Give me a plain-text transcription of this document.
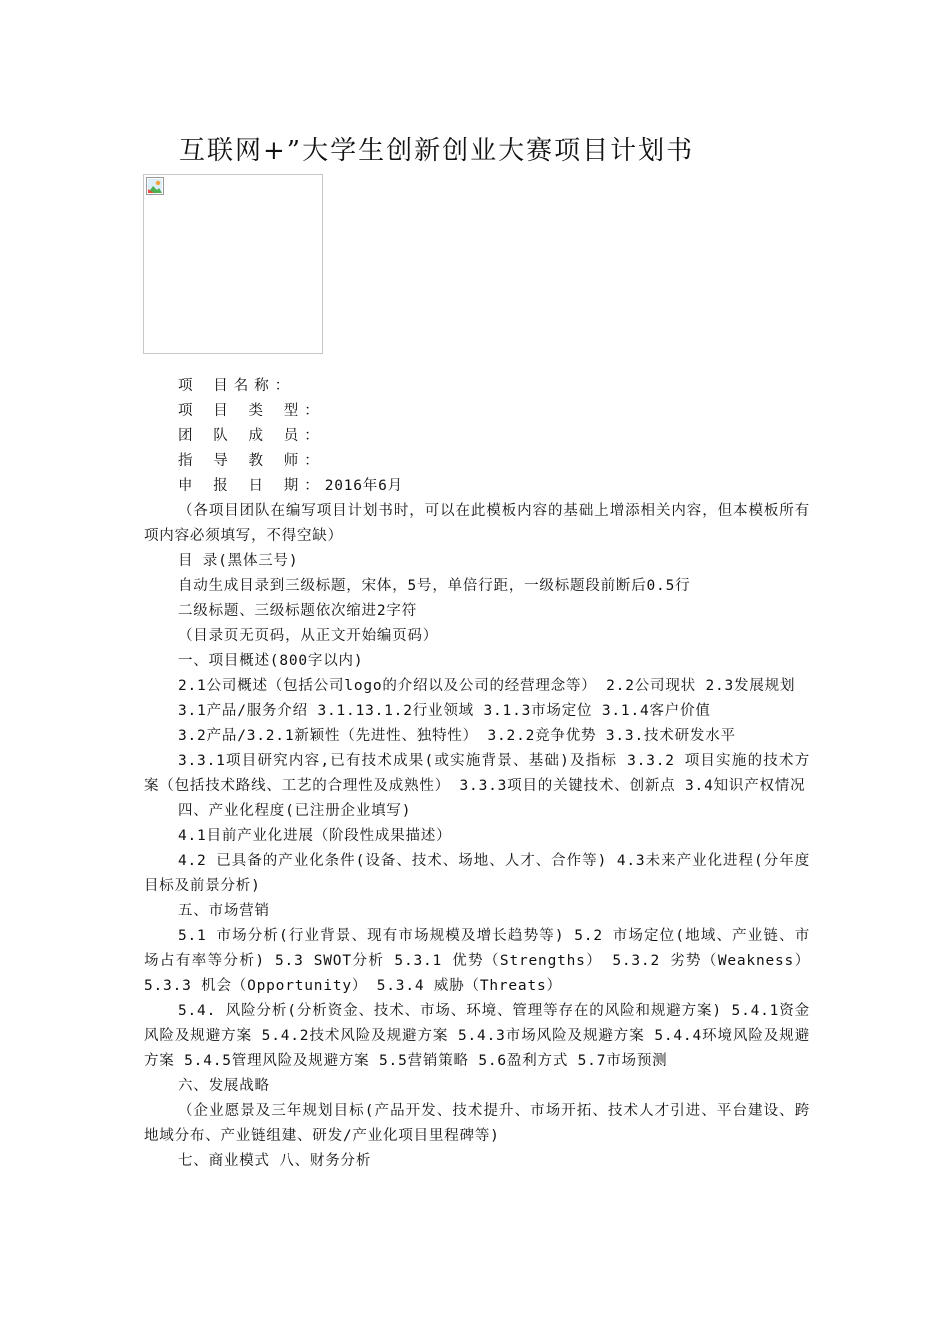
互联网+”大学生创新创业大赛项目计划书

项 目名称：

项 目 类 型：

团 队 成 员：

指 导 教 师：

申 报 日 期：2016年6月

（各项目团队在编写项目计划书时，可以在此模板内容的基础上增添相关内容，但本模板所有项内容必须填写，不得空缺）

目 录(黑体三号)

自动生成目录到三级标题，宋体，5号，单倍行距，一级标题段前断后0.5行

二级标题、三级标题依次缩进2字符

（目录页无页码，从正文开始编页码）

一、项目概述(800字以内)

2.1公司概述（包括公司logo的介绍以及公司的经营理念等） 2.2公司现状 2.3发展规划

3.1产品/服务介绍 3.1.13.1.2行业领域 3.1.3市场定位 3.1.4客户价值

3.2产品/3.2.1新颖性（先进性、独特性） 3.2.2竞争优势 3.3.技术研发水平

3.3.1项目研究内容,已有技术成果(或实施背景、基础)及指标 3.3.2 项目实施的技术方案（包括技术路线、工艺的合理性及成熟性） 3.3.3项目的关键技术、创新点 3.4知识产权情况

四、产业化程度(已注册企业填写)

4.1目前产业化进展（阶段性成果描述）

4.2 已具备的产业化条件(设备、技术、场地、人才、合作等) 4.3未来产业化进程(分年度目标及前景分析)

五、市场营销

5.1 市场分析(行业背景、现有市场规模及增长趋势等) 5.2 市场定位(地域、产业链、市场占有率等分析) 5.3 SWOT分析 5.3.1 优势（Strengths） 5.3.2 劣势（Weakness） 5.3.3 机会（Opportunity） 5.3.4 威胁（Threats）

5.4. 风险分析(分析资金、技术、市场、环境、管理等存在的风险和规避方案) 5.4.1资金风险及规避方案 5.4.2技术风险及规避方案 5.4.3市场风险及规避方案 5.4.4环境风险及规避方案 5.4.5管理风险及规避方案 5.5营销策略 5.6盈利方式 5.7市场预测

六、发展战略

（企业愿景及三年规划目标(产品开发、技术提升、市场开拓、技术人才引进、平台建设、跨地域分布、产业链组建、研发/产业化项目里程碑等)

七、商业模式 八、财务分析
